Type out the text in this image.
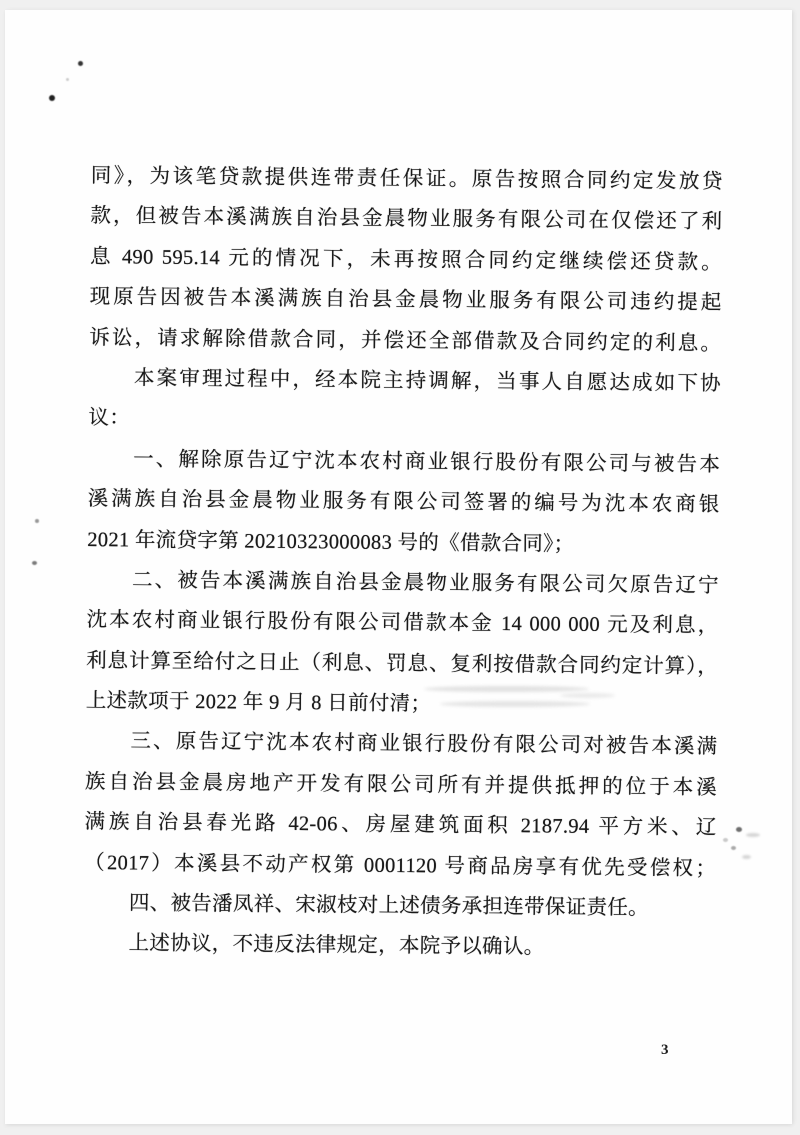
同》，为该笔贷款提供连带责任保证。原告按照合同约定发放贷
款，但被告本溪满族自治县金晨物业服务有限公司在仅偿还了利
息 490 595.14 元的情况下，未再按照合同约定继续偿还贷款。
现原告因被告本溪满族自治县金晨物业服务有限公司违约提起
诉讼，请求解除借款合同，并偿还全部借款及合同约定的利息。
本案审理过程中，经本院主持调解，当事人自愿达成如下协
议：
一、解除原告辽宁沈本农村商业银行股份有限公司与被告本
溪满族自治县金晨物业服务有限公司签署的编号为沈本农商银
2021 年流贷字第 20210323000083 号的《借款合同》；
二、被告本溪满族自治县金晨物业服务有限公司欠原告辽宁
沈本农村商业银行股份有限公司借款本金 14 000 000 元及利息，
利息计算至给付之日止（利息、罚息、复利按借款合同约定计算），
上述款项于 2022 年 9 月 8 日前付清；
三、原告辽宁沈本农村商业银行股份有限公司对被告本溪满
族自治县金晨房地产开发有限公司所有并提供抵押的位于本溪
满族自治县春光路 42-06、房屋建筑面积 2187.94 平方米、辽
（2017）本溪县不动产权第 0001120 号商品房享有优先受偿权；
四、被告潘凤祥、宋淑枝对上述债务承担连带保证责任。
上述协议，不违反法律规定，本院予以确认。
3
